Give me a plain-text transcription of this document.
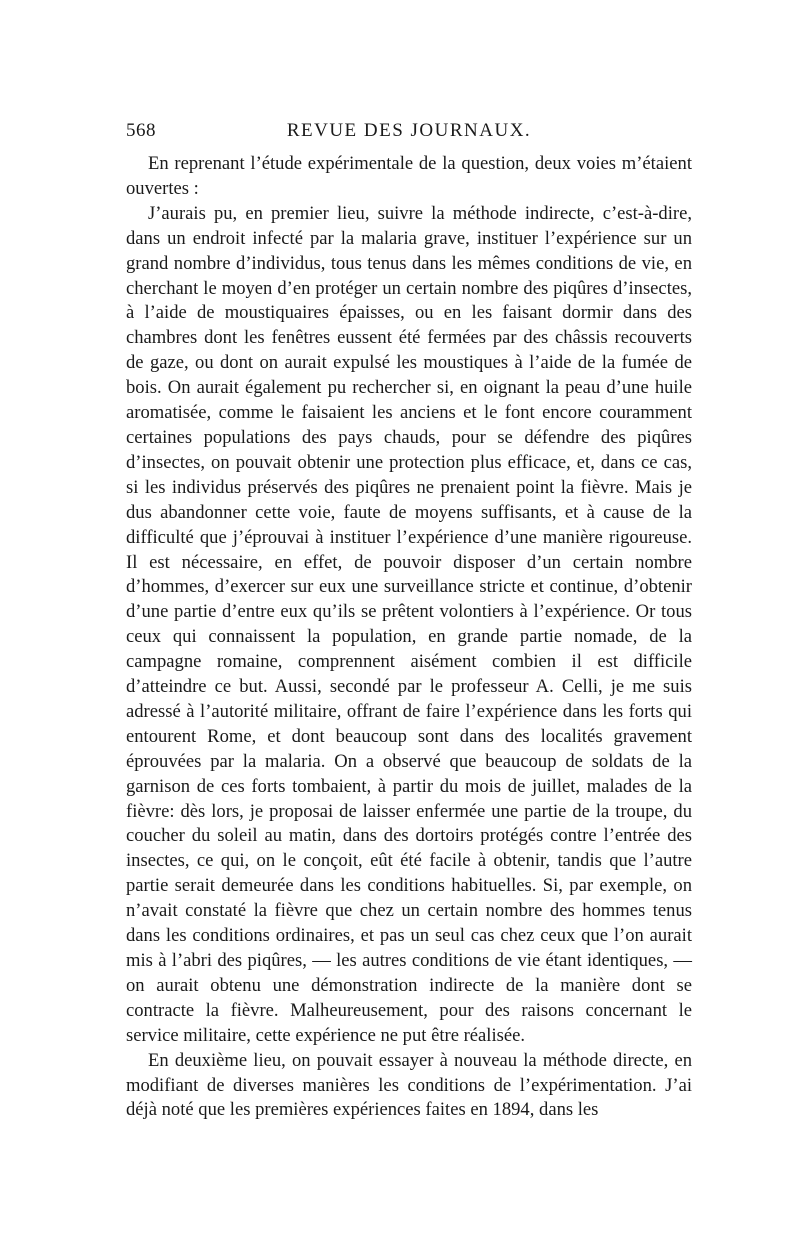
568	REVUE DES JOURNAUX.

En reprenant l’étude expérimentale de la question, deux voies m’étaient ouvertes :

J’aurais pu, en premier lieu, suivre la méthode indirecte, c’est-à-dire, dans un endroit infecté par la malaria grave, instituer l’expérience sur un grand nombre d’individus, tous tenus dans les mêmes conditions de vie, en cherchant le moyen d’en protéger un certain nombre des piqûres d’insectes, à l’aide de moustiquaires épaisses, ou en les faisant dormir dans des chambres dont les fenêtres eussent été fermées par des châssis recouverts de gaze, ou dont on aurait expulsé les moustiques à l’aide de la fumée de bois. On aurait également pu rechercher si, en oignant la peau d’une huile aromatisée, comme le faisaient les anciens et le font encore couramment certaines populations des pays chauds, pour se défendre des piqûres d’insectes, on pouvait obtenir une protection plus efficace, et, dans ce cas, si les individus préservés des piqûres ne prenaient point la fièvre. Mais je dus abandonner cette voie, faute de moyens suffisants, et à cause de la difficulté que j’éprouvai à instituer l’expérience d’une manière rigoureuse. Il est nécessaire, en effet, de pouvoir disposer d’un certain nombre d’hommes, d’exercer sur eux une surveillance stricte et continue, d’obtenir d’une partie d’entre eux qu’ils se prêtent volontiers à l’expérience. Or tous ceux qui connaissent la population, en grande partie nomade, de la campagne romaine, comprennent aisément combien il est difficile d’atteindre ce but. Aussi, secondé par le professeur A. Celli, je me suis adressé à l’autorité militaire, offrant de faire l’expérience dans les forts qui entourent Rome, et dont beaucoup sont dans des localités gravement éprouvées par la malaria. On a observé que beaucoup de soldats de la garnison de ces forts tombaient, à partir du mois de juillet, malades de la fièvre: dès lors, je proposai de laisser enfermée une partie de la troupe, du coucher du soleil au matin, dans des dortoirs protégés contre l’entrée des insectes, ce qui, on le conçoit, eût été facile à obtenir, tandis que l’autre partie serait demeurée dans les conditions habituelles. Si, par exemple, on n’avait constaté la fièvre que chez un certain nombre des hommes tenus dans les conditions ordinaires, et pas un seul cas chez ceux que l’on aurait mis à l’abri des piqûres, — les autres conditions de vie étant identiques, — on aurait obtenu une démonstration indirecte de la manière dont se contracte la fièvre. Malheureusement, pour des raisons concernant le service militaire, cette expérience ne put être réalisée.

En deuxième lieu, on pouvait essayer à nouveau la méthode directe, en modifiant de diverses manières les conditions de l’expérimentation. J’ai déjà noté que les premières expériences faites en 1894, dans les
